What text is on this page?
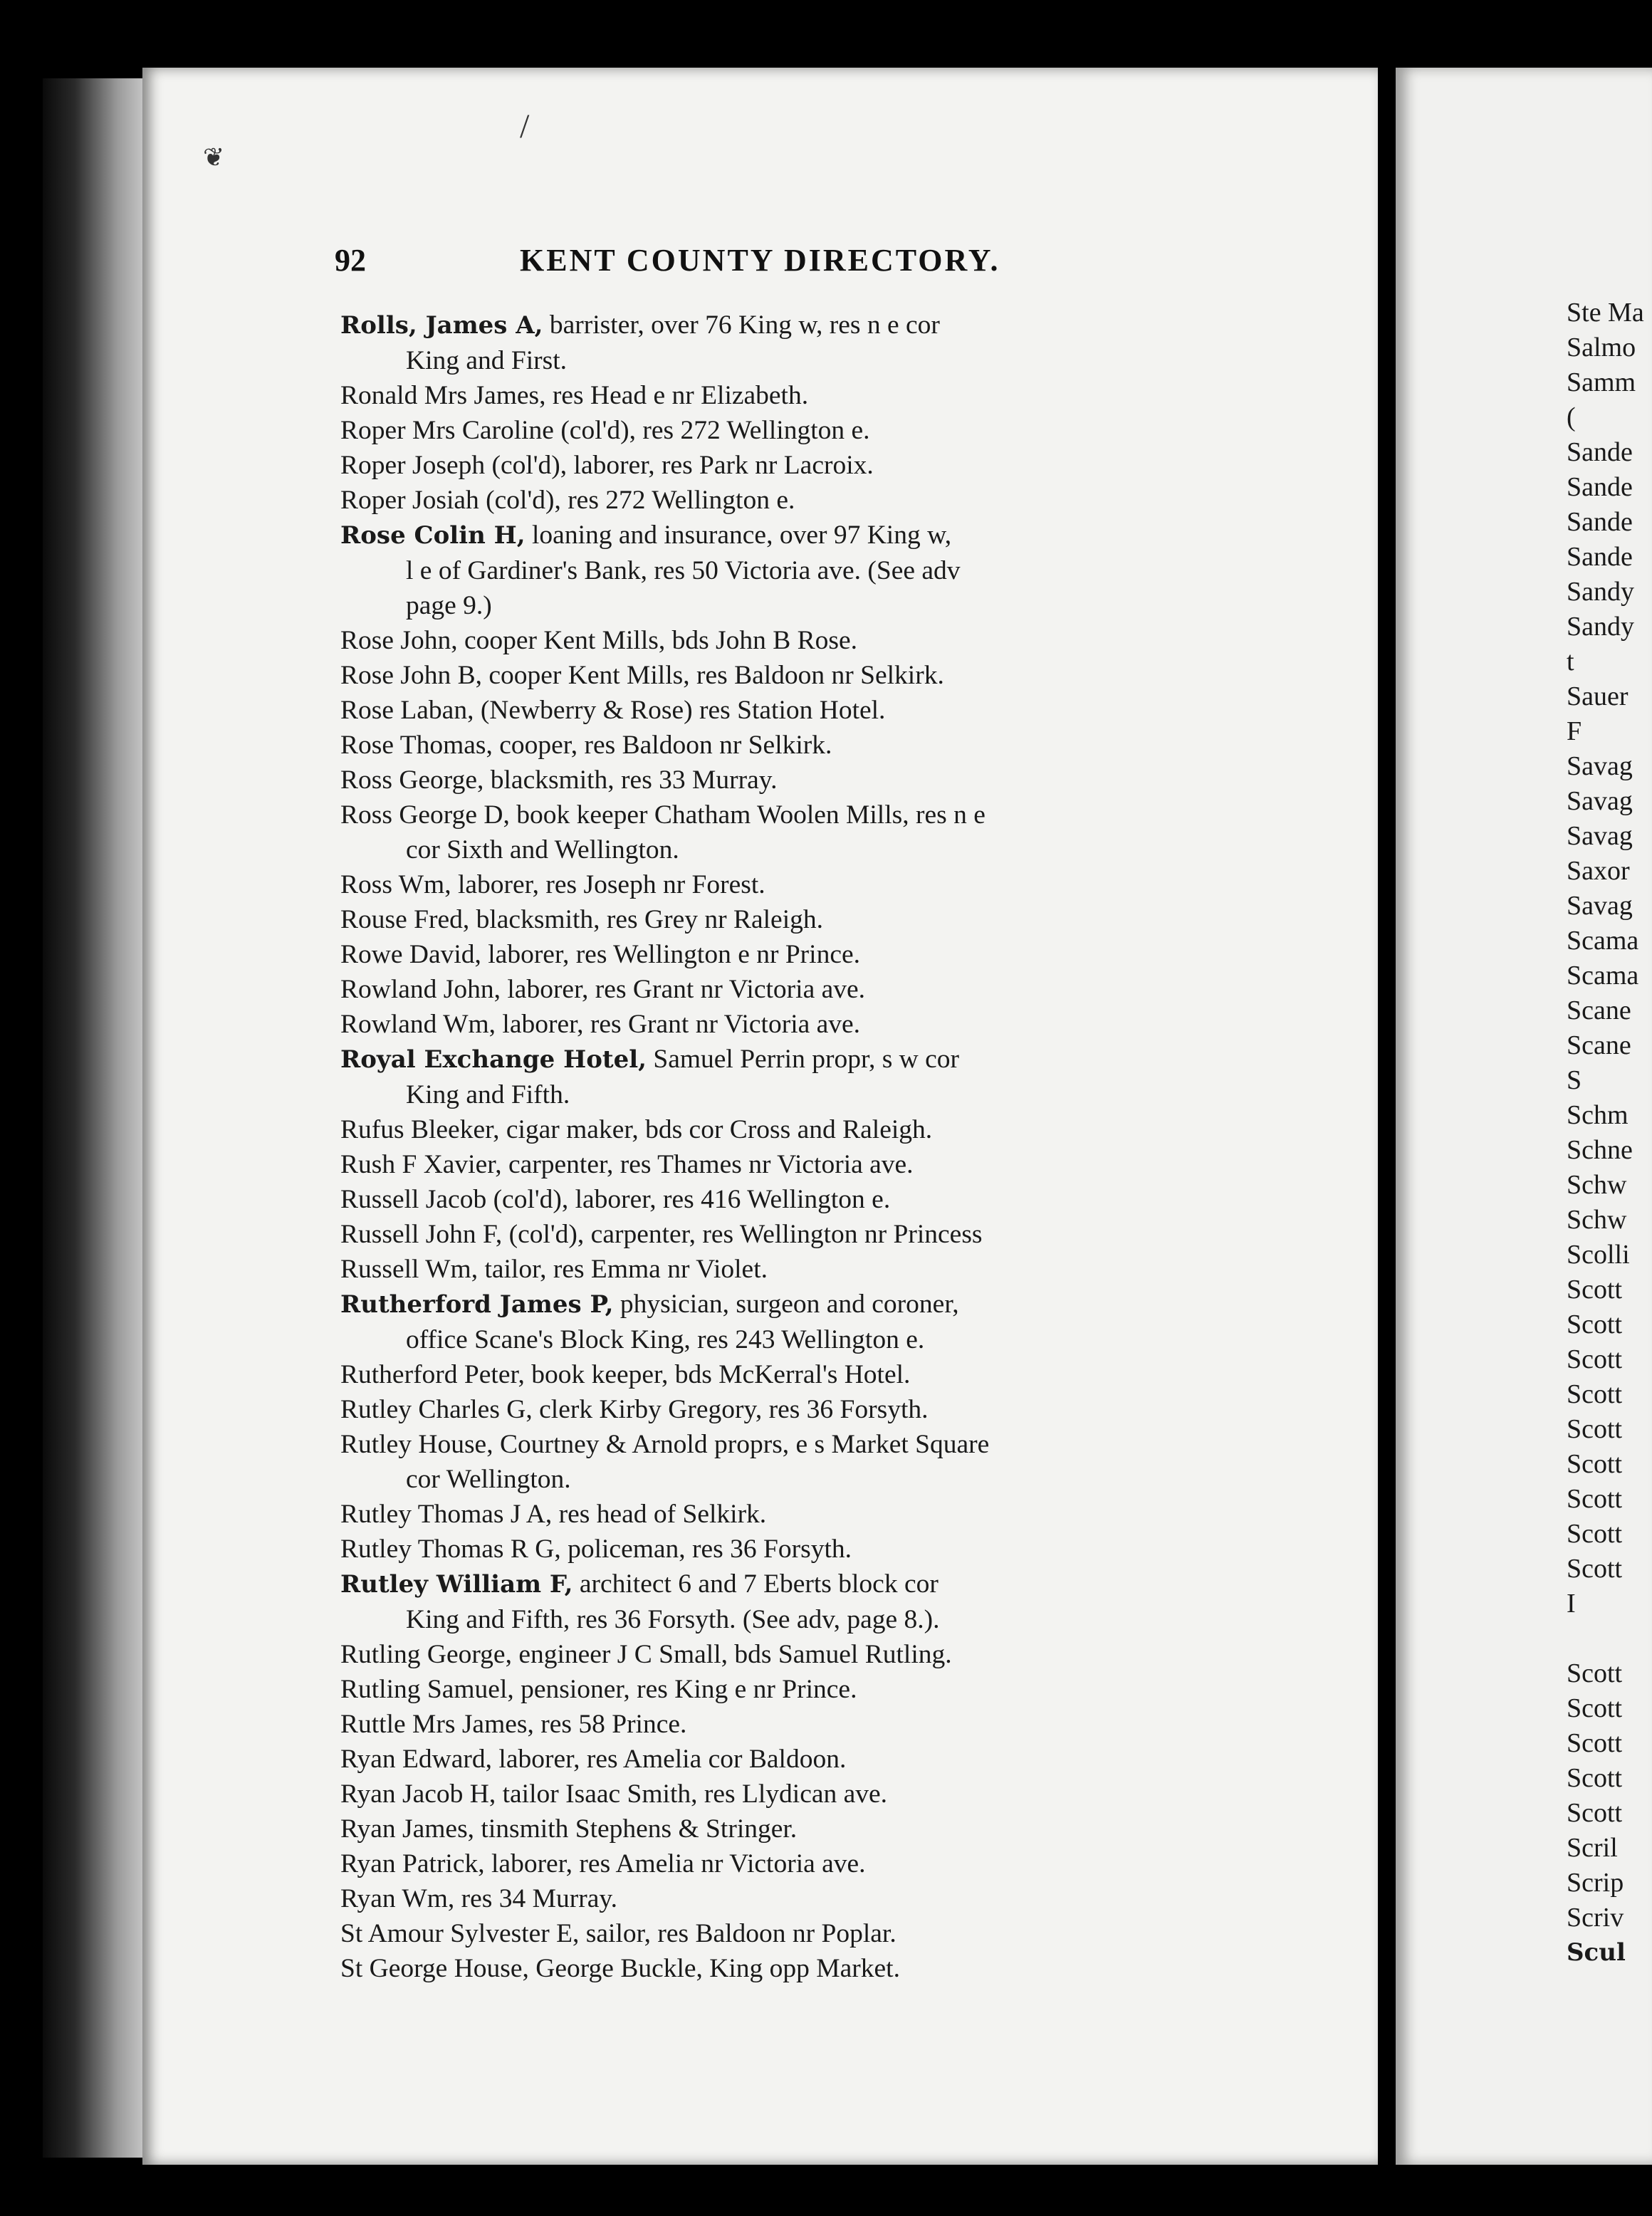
92	KENT COUNTY DIRECTORY.
Rolls, James A, barrister, over 76 King w, res n e cor
King and First.
Ronald Mrs James, res Head e nr Elizabeth.
Roper Mrs Caroline (col'd), res 272 Wellington e.
Roper Joseph (col'd), laborer, res Park nr Lacroix.
Roper Josiah (col'd), res 272 Wellington e.
Rose Colin H, loaning and insurance, over 97 King w,
l e of Gardiner's Bank, res 50 Victoria ave. (See adv
page 9.)
Rose John, cooper Kent Mills, bds John B Rose.
Rose John B, cooper Kent Mills, res Baldoon nr Selkirk.
Rose Laban, (Newberry & Rose) res Station Hotel.
Rose Thomas, cooper, res Baldoon nr Selkirk.
Ross George, blacksmith, res 33 Murray.
Ross George D, book keeper Chatham Woolen Mills, res n e
cor Sixth and Wellington.
Ross Wm, laborer, res Joseph nr Forest.
Rouse Fred, blacksmith, res Grey nr Raleigh.
Rowe David, laborer, res Wellington e nr Prince.
Rowland John, laborer, res Grant nr Victoria ave.
Rowland Wm, laborer, res Grant nr Victoria ave.
Royal Exchange Hotel, Samuel Perrin propr, s w cor
King and Fifth.
Rufus Bleeker, cigar maker, bds cor Cross and Raleigh.
Rush F Xavier, carpenter, res Thames nr Victoria ave.
Russell Jacob (col'd), laborer, res 416 Wellington e.
Russell John F, (col'd), carpenter, res Wellington nr Princess
Russell Wm, tailor, res Emma nr Violet.
Rutherford James P, physician, surgeon and coroner,
office Scane's Block King, res 243 Wellington e.
Rutherford Peter, book keeper, bds McKerral's Hotel.
Rutley Charles G, clerk Kirby Gregory, res 36 Forsyth.
Rutley House, Courtney & Arnold proprs, e s Market Square
cor Wellington.
Rutley Thomas J A, res head of Selkirk.
Rutley Thomas R G, policeman, res 36 Forsyth.
Rutley William F, architect 6 and 7 Eberts block cor
King and Fifth, res 36 Forsyth. (See adv, page 8.).
Rutling George, engineer J C Small, bds Samuel Rutling.
Rutling Samuel, pensioner, res King e nr Prince.
Ruttle Mrs James, res 58 Prince.
Ryan Edward, laborer, res Amelia cor Baldoon.
Ryan Jacob H, tailor Isaac Smith, res Llydican ave.
Ryan James, tinsmith Stephens & Stringer.
Ryan Patrick, laborer, res Amelia nr Victoria ave.
Ryan Wm, res 34 Murray.
St Amour Sylvester E, sailor, res Baldoon nr Poplar.
St George House, George Buckle, King opp Market.
Ste Ma
Salmo
Samm
(
Sande
Sande
Sande
Sande
Sandy
Sandy
t
Sauer
F
Savag
Savag
Savag
Saxor
Savag
Scama
Scama
Scane
Scane
S
Schm
Schne
Schw
Schw
Scolli
Scott
Scott
Scott
Scott
Scott
Scott
Scott
Scott
Scott
I
Scott
Scott
Scott
Scott
Scott
Scril
Scrip
Scriv
Scul
/
❦
